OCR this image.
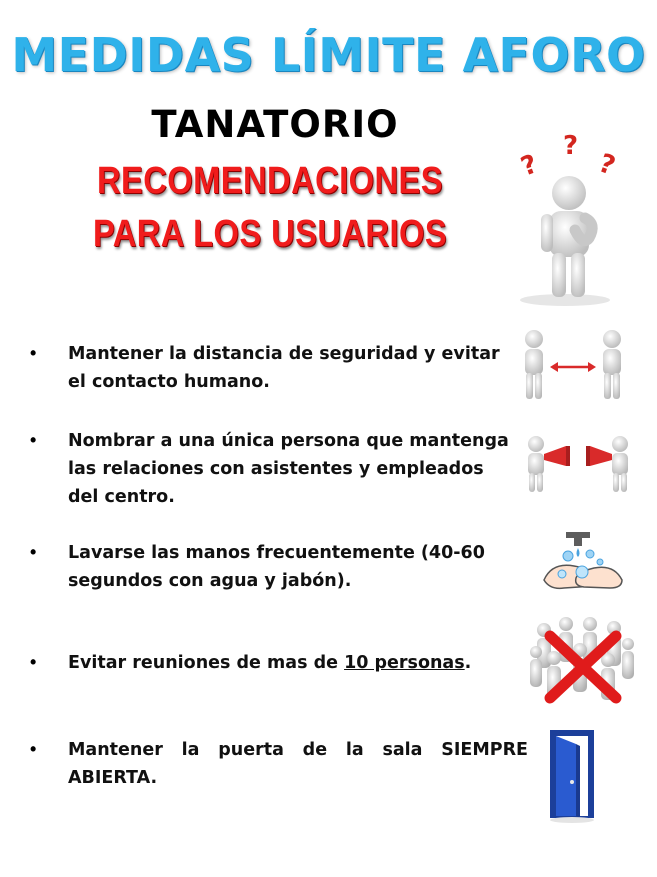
MEDIDAS LÍMITE AFORO
TANATORIO
RECOMENDACIONES
PARA LOS USUARIOS
?
?
?
• Mantener la distancia de seguridad y evitar
el contacto humano.
• Nombrar a una única persona que mantenga
las relaciones con asistentes y empleados
del centro.
• Lavarse las manos frecuentemente (40-60
segundos con agua y jabón).
• Evitar reuniones de mas de 10 personas.
• Mantener la puerta de la sala SIEMPRE
ABIERTA.
